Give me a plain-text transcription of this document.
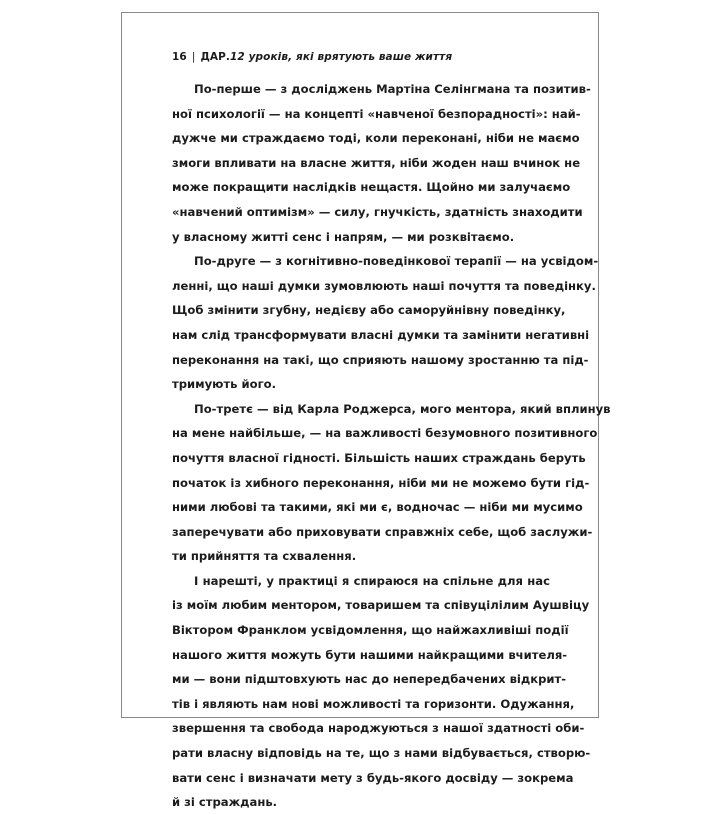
16 | ДАР.12 уроків, які врятують ваше життя
По-перше — з досліджень Мартіна Селінгмана та позитив-
ної психології — на концепті «навченої безпорадності»: най-
дужче ми страждаємо тоді, коли переконані, ніби не маємо
змоги впливати на власне життя, ніби жоден наш вчинок не
може покращити наслідків нещастя. Щойно ми залучаємо
«навчений оптимізм» — силу, гнучкість, здатність знаходити
у власному житті сенс і напрям, — ми розквітаємо.
По-друге — з когнітивно-поведінкової терапії — на усвідом-
ленні, що наші думки зумовлюють наші почуття та поведінку.
Щоб змінити згубну, недієву або саморуйнівну поведінку,
нам слід трансформувати власні думки та замінити негативні
переконання на такі, що сприяють нашому зростанню та під-
тримують його.
По-третє — від Карла Роджерса, мого ментора, який вплинув
на мене найбільше, — на важливості безумовного позитивного
почуття власної гідності. Більшість наших страждань беруть
початок із хибного переконання, ніби ми не можемо бути гід-
ними любові та такими, які ми є, водночас — ніби ми мусимо
заперечувати або приховувати справжніх себе, щоб заслужи-
ти прийняття та схвалення.
І нарешті, у практиці я спираюся на спільне для нас
із моїм любим ментором, товаришем та співуцілілим Аушвіцу
Віктором Франклом усвідомлення, що найжахливіші події
нашого життя можуть бути нашими найкращими вчителя-
ми — вони підштовхують нас до непередбачених відкрит-
тів і являють нам нові можливості та горизонти. Одужання,
звершення та свобода народжуються з нашої здатності оби-
рати власну відповідь на те, що з нами відбувається, створю-
вати сенс і визначати мету з будь-якого досвіду — зокрема
й зі страждань.
